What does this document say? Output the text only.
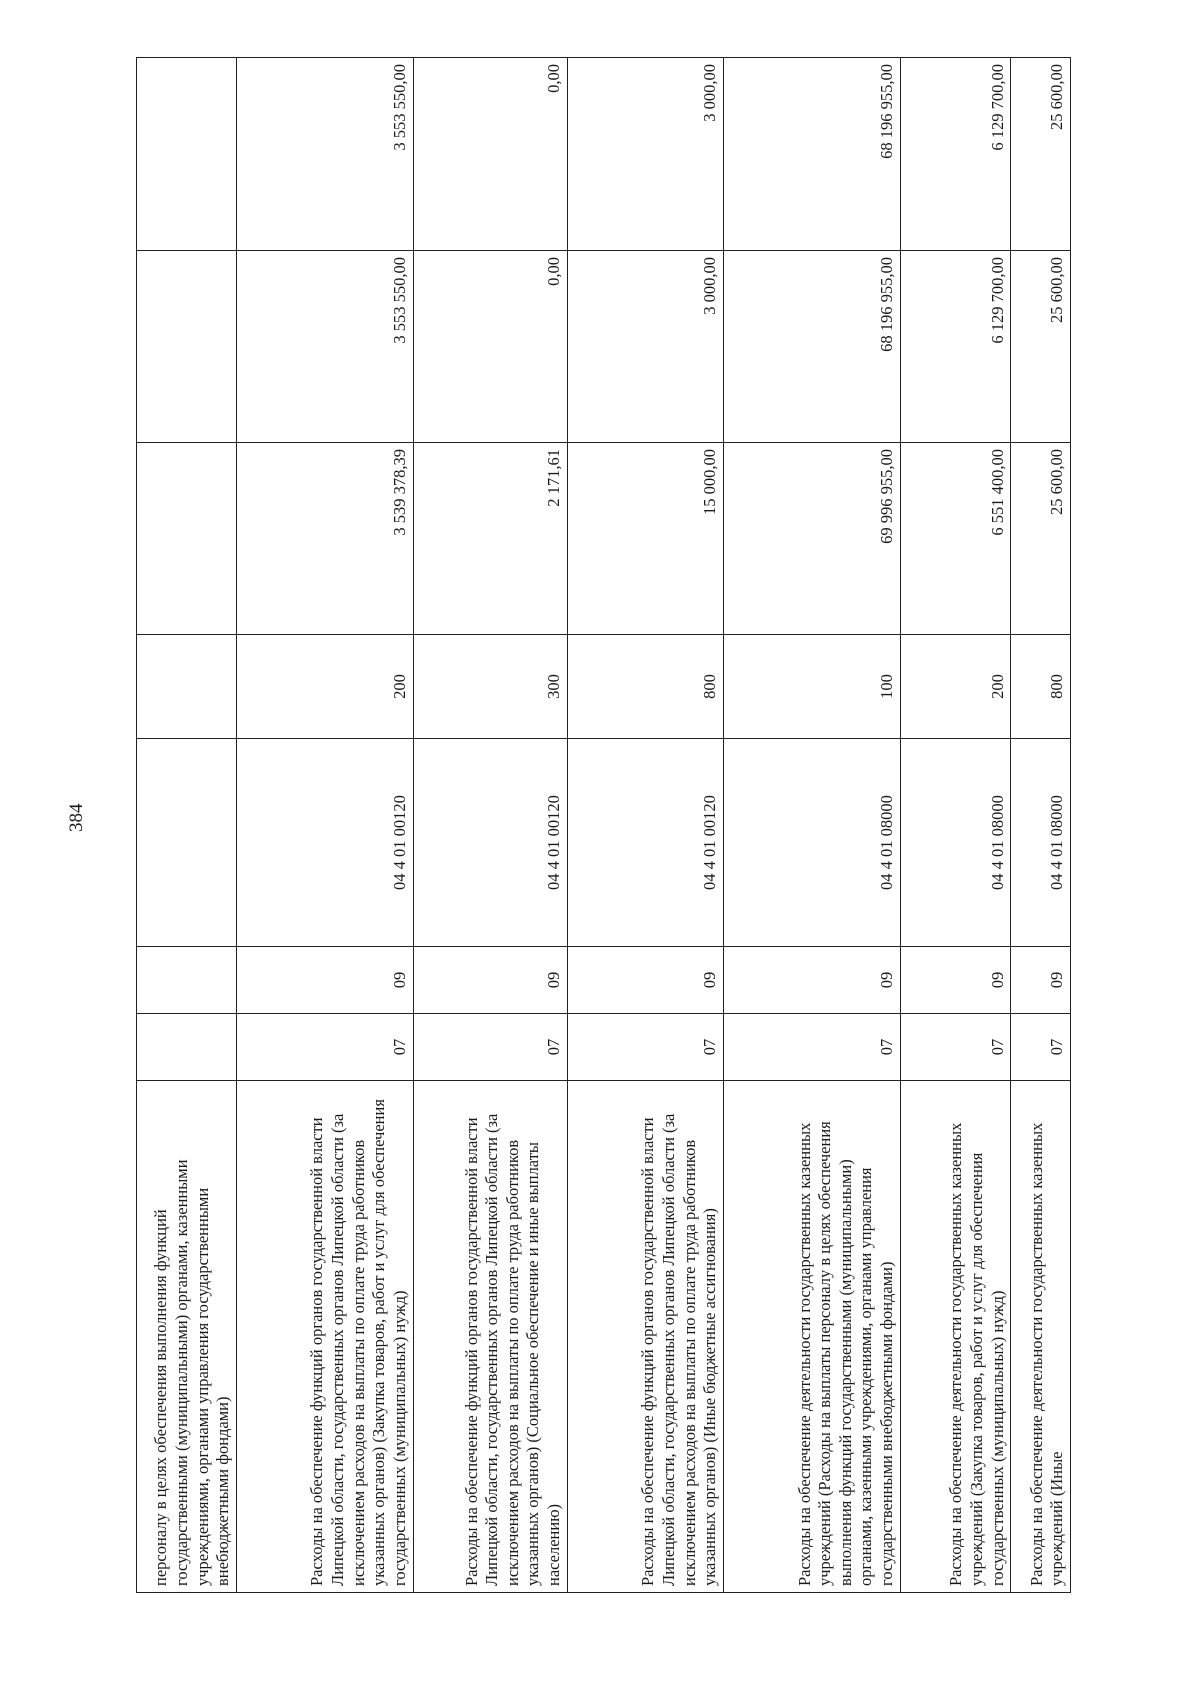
384
персоналу в целях обеспечения выполнения функций государственными (муниципальными) органами, казенными учреждениями, органами управления государственными внебюджетными фондами)							
Расходы на обеспечение функций органов государственной власти Липецкой области, государственных органов Липецкой области (за исключением расходов на выплаты по оплате труда работников указанных органов) (Закупка товаров, работ и услуг для обеспечения государственных (муниципальных) нужд)	07	09	04 4 01 00120	200	3 539 378,39	3 553 550,00	3 553 550,00
Расходы на обеспечение функций органов государственной власти Липецкой области, государственных органов Липецкой области (за исключением расходов на выплаты по оплате труда работников указанных органов) (Социальное обеспечение и иные выплаты населению)	07	09	04 4 01 00120	300	2 171,61	0,00	0,00
Расходы на обеспечение функций органов государственной власти Липецкой области, государственных органов Липецкой области (за исключением расходов на выплаты по оплате труда работников указанных органов) (Иные бюджетные ассигнования)	07	09	04 4 01 00120	800	15 000,00	3 000,00	3 000,00
Расходы на обеспечение деятельности государственных казенных учреждений (Расходы на выплаты персоналу в целях обеспечения выполнения функций государственными (муниципальными) органами, казенными учреждениями, органами управления государственными внебюджетными фондами)	07	09	04 4 01 08000	100	69 996 955,00	68 196 955,00	68 196 955,00
Расходы на обеспечение деятельности государственных казенных учреждений (Закупка товаров, работ и услуг для обеспечения государственных (муниципальных) нужд)	07	09	04 4 01 08000	200	6 551 400,00	6 129 700,00	6 129 700,00
Расходы на обеспечение деятельности государственных казенных учреждений (Иные	07	09	04 4 01 08000	800	25 600,00	25 600,00	25 600,00
